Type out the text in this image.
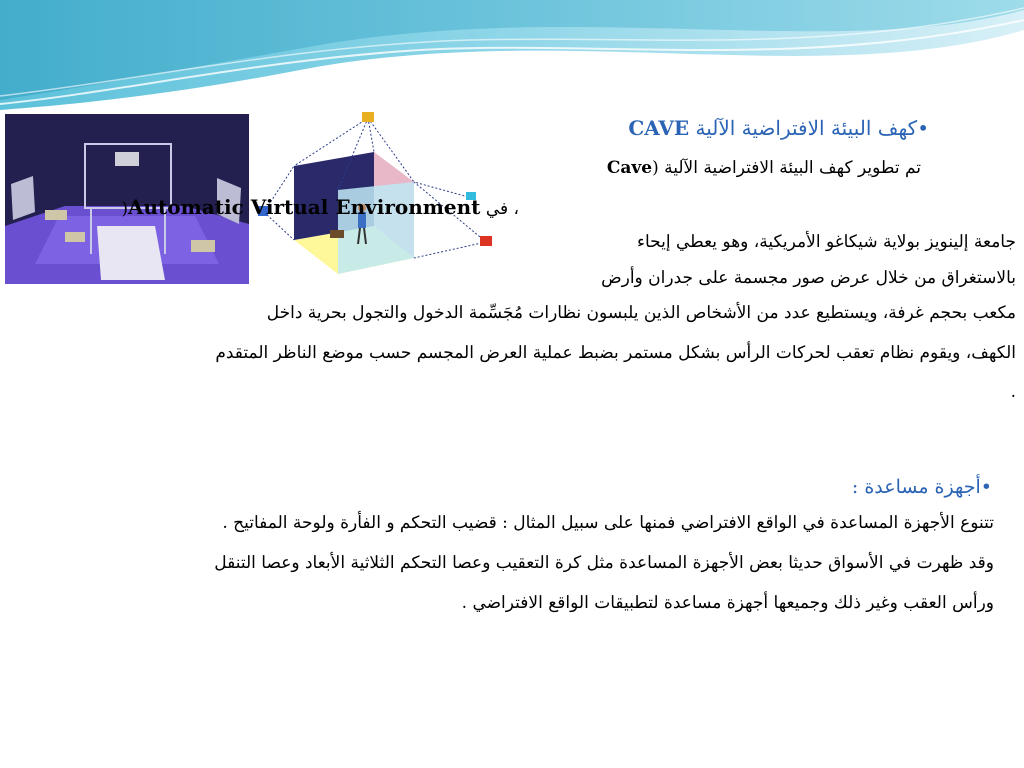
•كهف البيئة الافتراضية الآلية CAVE
تم تطوير كهف البيئة الافتراضية الآلية (Cave
، في Automatic Virtual Environment(
جامعة إلينويز بولاية شيكاغو الأمريكية، وهو يعطي إيحاء
بالاستغراق من خلال عرض صور مجسمة على جدران وأرض
مكعب بحجم غرفة، ويستطيع عدد من الأشخاص الذين يلبسون نظارات مُجَسِّمة الدخول والتجول بحرية داخل
الكهف، ويقوم نظام تعقب لحركات الرأس بشكل مستمر بضبط عملية العرض المجسم حسب موضع الناظر المتقدم
.
•أجهزة مساعدة :
تتنوع الأجهزة المساعدة في الواقع الافتراضي فمنها على سبيل المثال : قضيب التحكم و الفأرة ولوحة المفاتيح .
وقد ظهرت في الأسواق حديثا بعض الأجهزة المساعدة مثل كرة التعقيب وعصا التحكم الثلاثية الأبعاد وعصا التنقل
ورأس العقب وغير ذلك وجميعها أجهزة مساعدة لتطبيقات الواقع الافتراضي .
